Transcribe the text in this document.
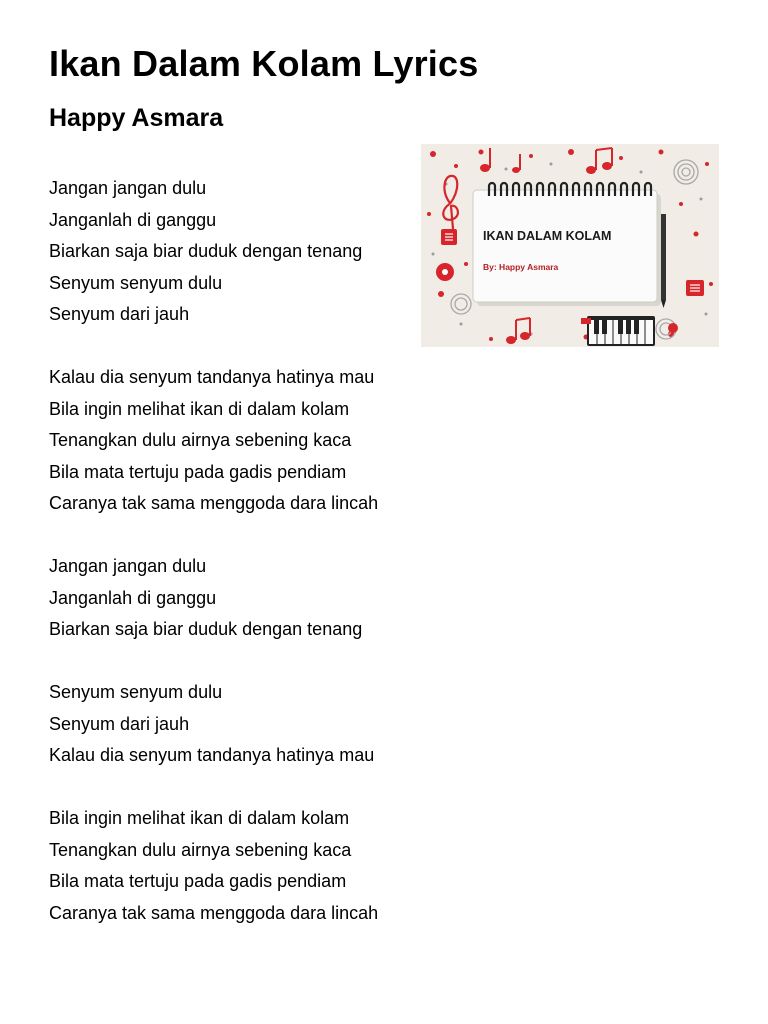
Ikan Dalam Kolam Lyrics
Happy Asmara
IKAN DALAM KOLAM
By: Happy Asmara
Jangan jangan dulu
Janganlah di ganggu
Biarkan saja biar duduk dengan tenang
Senyum senyum dulu
Senyum dari jauh
Kalau dia senyum tandanya hatinya mau
Bila ingin melihat ikan di dalam kolam
Tenangkan dulu airnya sebening kaca
Bila mata tertuju pada gadis pendiam
Caranya tak sama menggoda dara lincah
Jangan jangan dulu
Janganlah di ganggu
Biarkan saja biar duduk dengan tenang
Senyum senyum dulu
Senyum dari jauh
Kalau dia senyum tandanya hatinya mau
Bila ingin melihat ikan di dalam kolam
Tenangkan dulu airnya sebening kaca
Bila mata tertuju pada gadis pendiam
Caranya tak sama menggoda dara lincah
